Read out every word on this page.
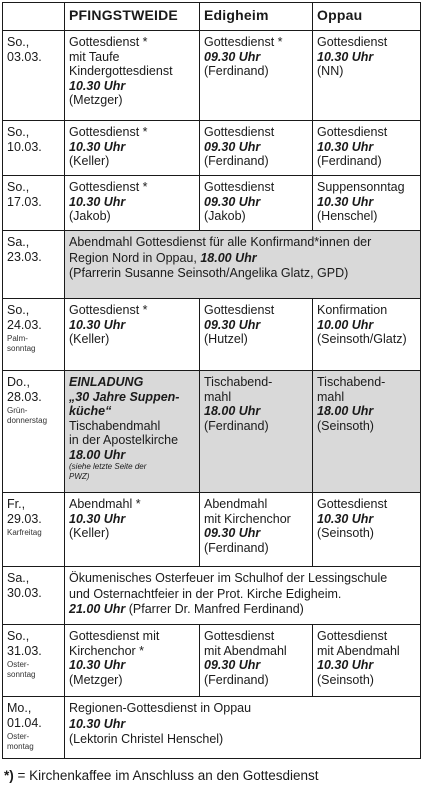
PFINGSTWEIDE	Edigheim	Oppau
So.,
03.03.
Gottesdienst *
mit Taufe
Kindergottesdienst
10.30 Uhr
(Metzger)
Gottesdienst *
09.30 Uhr
(Ferdinand)
Gottesdienst
10.30 Uhr
(NN)
So.,
10.03.
Gottesdienst *
10.30 Uhr
(Keller)
Gottesdienst
09.30 Uhr
(Ferdinand)
Gottesdienst
10.30 Uhr
(Ferdinand)
So.,
17.03.
Gottesdienst *
10.30 Uhr
(Jakob)
Gottesdienst
09.30 Uhr
(Jakob)
Suppensonntag
10.30 Uhr
(Henschel)
Sa.,
23.03.
Abendmahl Gottesdienst für alle Konfirmand*innen der
Region Nord in Oppau, 18.00 Uhr
(Pfarrerin Susanne Seinsoth/Angelika Glatz, GPD)
So.,
24.03.
Palm-
sonntag
Gottesdienst *
10.30 Uhr
(Keller)
Gottesdienst
09.30 Uhr
(Hutzel)
Konfirmation
10.00 Uhr
(Seinsoth/Glatz)
Do.,
28.03.
Grün-
donnerstag
EINLADUNG
„30 Jahre Suppen-
küche“
Tischabendmahl
in der Apostelkirche
18.00 Uhr
(siehe letzte Seite der
PWZ)
Tischabend-
mahl
18.00 Uhr
(Ferdinand)
Tischabend-
mahl
18.00 Uhr
(Seinsoth)
Fr.,
29.03.
Karfreitag
Abendmahl *
10.30 Uhr
(Keller)
Abendmahl
mit Kirchenchor
09.30 Uhr
(Ferdinand)
Gottesdienst
10.30 Uhr
(Seinsoth)
Sa.,
30.03.
Ökumenisches Osterfeuer im Schulhof der Lessingschule
und Osternachtfeier in der Prot. Kirche Edigheim.
21.00 Uhr (Pfarrer Dr. Manfred Ferdinand)
So.,
31.03.
Oster-
sonntag
Gottesdienst mit
Kirchenchor *
10.30 Uhr
(Metzger)
Gottesdienst
mit Abendmahl
09.30 Uhr
(Ferdinand)
Gottesdienst
mit Abendmahl
10.30 Uhr
(Seinsoth)
Mo.,
01.04.
Oster-
montag
Regionen-Gottesdienst in Oppau
10.30 Uhr
(Lektorin Christel Henschel)
*) = Kirchenkaffee im Anschluss an den Gottesdienst
